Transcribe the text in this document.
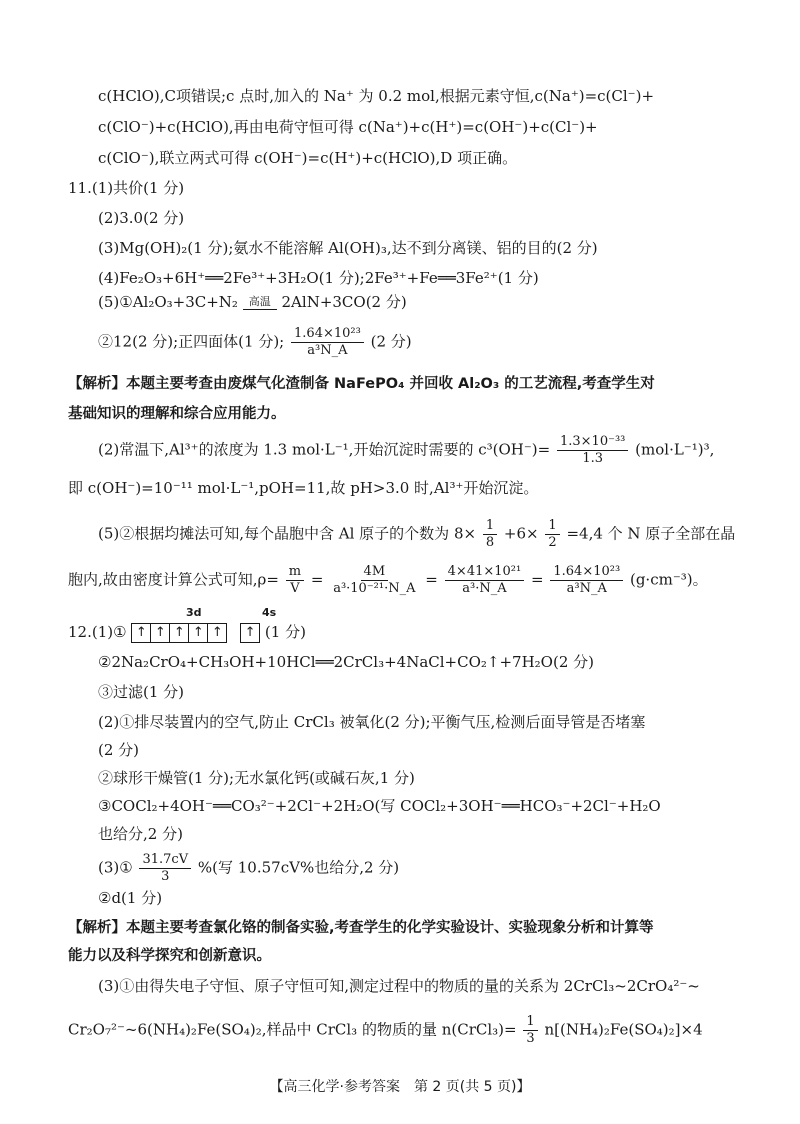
c(HClO),C项错误;c 点时,加入的 Na⁺ 为 0.2 mol,根据元素守恒,c(Na⁺)=c(Cl⁻)+
c(ClO⁻)+c(HClO),再由电荷守恒可得 c(Na⁺)+c(H⁺)=c(OH⁻)+c(Cl⁻)+
c(ClO⁻),联立两式可得 c(OH⁻)=c(H⁺)+c(HClO),D 项正确。
11.(1)共价(1 分)
(2)3.0(2 分)
(3)Mg(OH)₂(1 分);氨水不能溶解 Al(OH)₃,达不到分离镁、铝的目的(2 分)
(4)Fe₂O₃+6H⁺══2Fe³⁺+3H₂O(1 分);2Fe³⁺+Fe══3Fe²⁺(1 分)
(5)①Al₂O₃+3C+N₂ 高温 2AlN+3CO(2 分)
②12(2 分);正四面体(1 分); $\frac{\text{1.64×10²³}}{\text{a³N\_A}} (2$ 分)
【解析】本题主要考查由废煤气化渣制备 NaFePO₄ 并回收 Al₂O₃ 的工艺流程,考查学生对
基础知识的理解和综合应用能力。
(2)常温下,Al³⁺的浓度为 1.3 mol·L⁻¹,开始沉淀时需要的 $c^3(OH^-)= \frac{\text{1.3×10⁻³³}}{1.3} (mol\cdot L^{-1})^3$,
即 c(OH⁻)=10⁻¹¹ mol·L⁻¹,pOH=11,故 pH>3.0 时,Al³⁺开始沉淀。
(5)②根据均摊法可知,每个晶胞中含 Al 原子的个数为 $8\times \frac{1}{8} +6\times \frac{1}{2} =4,4$ 个 N 原子全部在晶
胞内,故由密度计算公式可知$,\rho= \frac{m}{V} = \frac{4M}{\text{a³·10⁻²¹·N\_A}} = \frac{\text{4×41×10²¹}}{\text{a³·N\_A}} = \frac{\text{1.64×10²³}}{\text{a³N\_A}} (g\cdot cm^{-3})$。
3d	4s
12.(1)① ↑ ↑ ↑ ↑ ↑
↑ (1 分)
②2Na₂CrO₄+CH₃OH+10HCl══2CrCl₃+4NaCl+CO₂↑+7H₂O(2 分)
③过滤(1 分)
(2)①排尽装置内的空气,防止 CrCl₃ 被氧化(2 分);平衡气压,检测后面导管是否堵塞
(2 分)
②球形干燥管(1 分);无水氯化钙(或碱石灰,1 分)
③COCl₂+4OH⁻══CO₃²⁻+2Cl⁻+2H₂O(写 COCl₂+3OH⁻══HCO₃⁻+2Cl⁻+H₂O
也给分,2 分)
(3)① $\frac{31.7cV}{3}$ %(写 10.57cV%也给分,2 分)
②d(1 分)
【解析】本题主要考查氯化铬的制备实验,考查学生的化学实验设计、实验现象分析和计算等
能力以及科学探究和创新意识。
(3)①由得失电子守恒、原子守恒可知,测定过程中的物质的量的关系为 2CrCl₃~2CrO₄²⁻~
Cr₂O₇²⁻~6(NH₄)₂Fe(SO₄)₂,样品中 CrCl₃ 的物质的量 n(CrCl₃)= $\frac{1}{3} n[(NH_4)_2Fe(SO_4)_2]\times 4$
【高三化学·参考答案　第 2 页(共 5 页)】
